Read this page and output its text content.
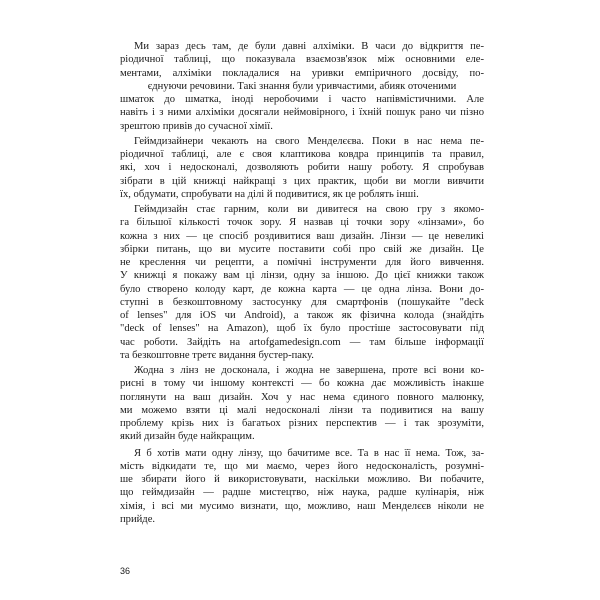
Ми зараз десь там, де були давні алхіміки. В часи до відкриття пе-
ріодичної таблиці, що показувала взаємозв'язок між основними еле-
ментами, алхіміки покладалися на уривки емпіричного досвіду, по-
єднуючи речовини. Такі знання були уривчастими, абияк оточеними
шматок до шматка, іноді неробочими і часто напівмістичними. Але
навіть і з ними алхіміки досягали неймовірного, і їхній пошук рано чи пізно
зрештою привів до сучасної хімії.

Геймдизайнери чекають на свого Менделєєва. Поки в нас нема пе-
ріодичної таблиці, але є своя клаптикова ковдра принципів та правил,
які, хоч і недосконалі, дозволяють робити нашу роботу. Я спробував
зібрати в цій книжці найкращі з цих практик, щоби ви могли вивчити
їх, обдумати, спробувати на ділі й подивитися, як це роблять інші.

Геймдизайн стає гарним, коли ви дивитеся на свою гру з якомо-
га більшої кількості точок зору. Я назвав ці точки зору «лінзами», бо
кожна з них — це спосіб роздивитися ваш дизайн. Лінзи — це невеликі
збірки питань, що ви мусите поставити собі про свій же дизайн. Це
не креслення чи рецепти, а помічні інструменти для його вивчення.
У книжці я покажу вам ці лінзи, одну за іншою. До цієї книжки також
було створено колоду карт, де кожна карта — це одна лінза. Вони до-
ступні в безкоштовному застосунку для смартфонів (пошукайте "deck
of lenses" для iOS чи Android), а також як фізична колода (знайдіть
"deck of lenses" на Amazon), щоб їх було простіше застосовувати під
час роботи. Зайдіть на artofgamedesign.com — там більше інформації
та безкоштовне третє видання бустер-паку.

Жодна з лінз не досконала, і жодна не завершена, проте всі вони ко-
рисні в тому чи іншому контексті — бо кожна дає можливість інакше
поглянути на ваш дизайн. Хоч у нас нема єдиного повного малюнку,
ми можемо взяти ці малі недосконалі лінзи та подивитися на вашу
проблему крізь них із багатьох різних перспектив — і так зрозуміти,
який дизайн буде найкращим.

Я б хотів мати одну лінзу, що бачитиме все. Та в нас її нема. Тож, за-
мість відкидати те, що ми маємо, через його недосконалість, розумні-
ше збирати його й використовувати, наскільки можливо. Ви побачите,
що геймдизайн — радше мистецтво, ніж наука, радше кулінарія, ніж
хімія, і всі ми мусимо визнати, що, можливо, наш Менделєєв ніколи не
прийде.

36
